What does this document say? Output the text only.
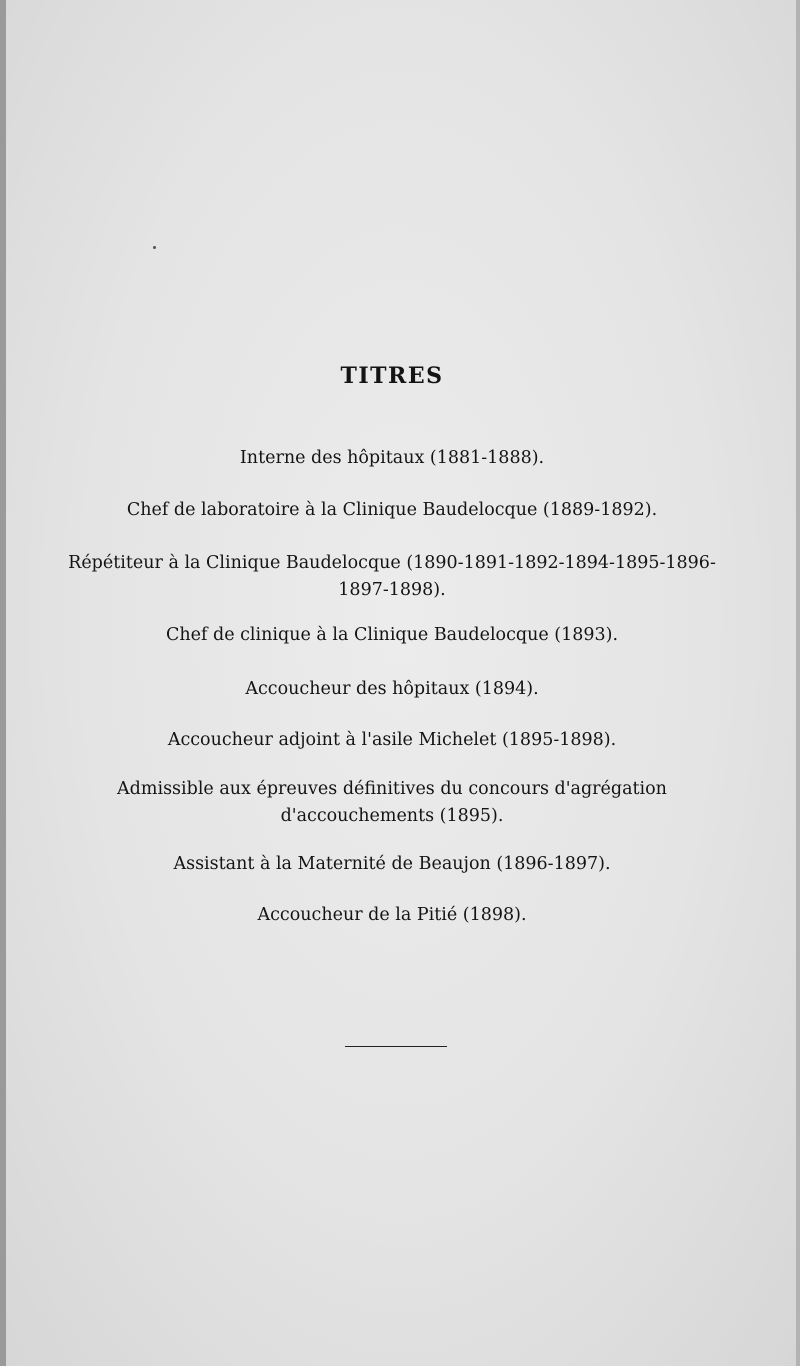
TITRES
Interne des hôpitaux (1881-1888).
Chef de laboratoire à la Clinique Baudelocque (1889-1892).
Répétiteur à la Clinique Baudelocque (1890-1891-1892-1894-1895-1896-
1897-1898).
Chef de clinique à la Clinique Baudelocque (1893).
Accoucheur des hôpitaux (1894).
Accoucheur adjoint à l'asile Michelet (1895-1898).
Admissible aux épreuves définitives du concours d'agrégation
d'accouchements (1895).
Assistant à la Maternité de Beaujon (1896-1897).
Accoucheur de la Pitié (1898).
